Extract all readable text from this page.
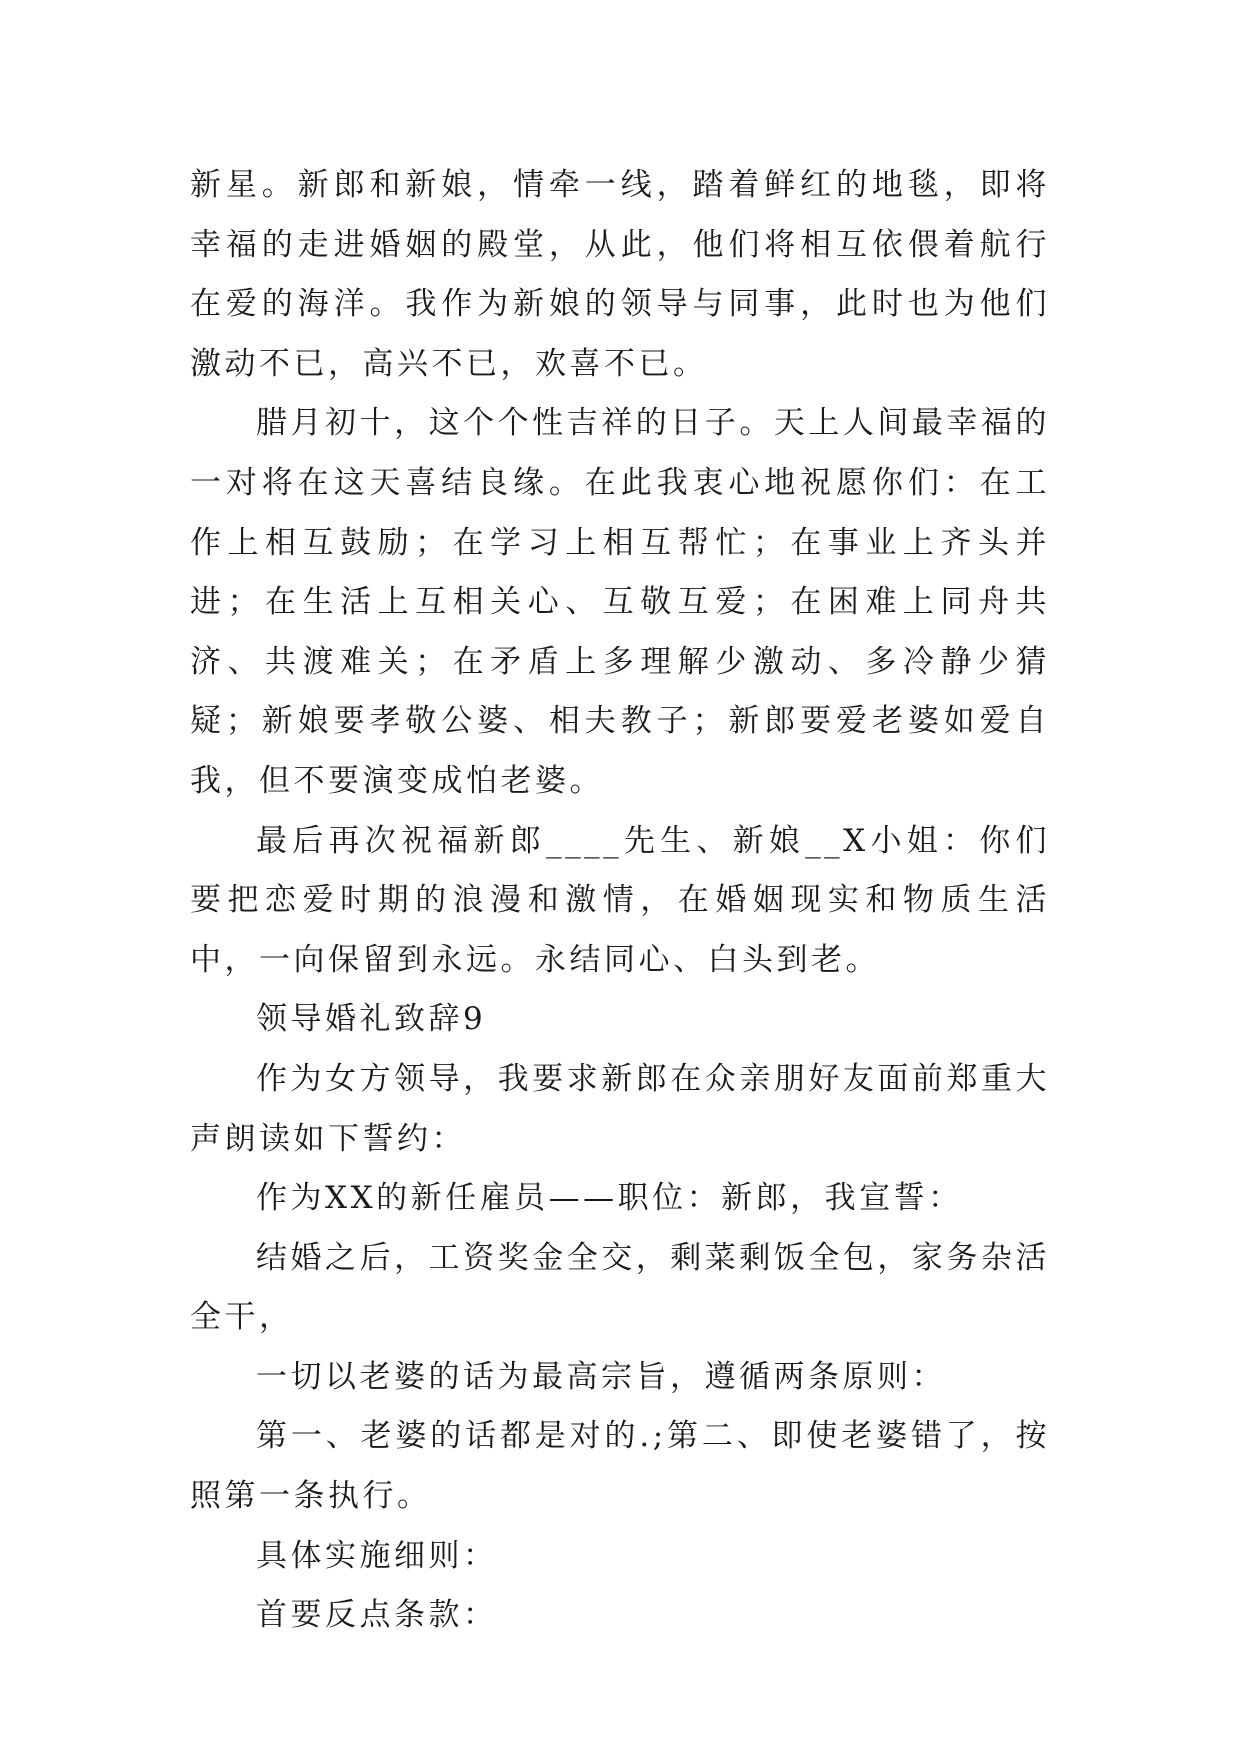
新星。新郎和新娘，情牵一线，踏着鲜红的地毯，即将幸福的走进婚姻的殿堂，从此，他们将相互依偎着航行在爱的海洋。我作为新娘的领导与同事，此时也为他们激动不已，高兴不已，欢喜不已。

腊月初十，这个个性吉祥的日子。天上人间最幸福的一对将在这天喜结良缘。在此我衷心地祝愿你们：在工作上相互鼓励；在学习上相互帮忙；在事业上齐头并进；在生活上互相关心、互敬互爱；在困难上同舟共济、共渡难关；在矛盾上多理解少激动、多冷静少猜疑；新娘要孝敬公婆、相夫教子；新郎要爱老婆如爱自我，但不要演变成怕老婆。

最后再次祝福新郎____先生、新娘__X小姐：你们要把恋爱时期的浪漫和激情，在婚姻现实和物质生活中，一向保留到永远。永结同心、白头到老。

领导婚礼致辞9

作为女方领导，我要求新郎在众亲朋好友面前郑重大声朗读如下誓约：

作为XX的新任雇员——职位：新郎，我宣誓：

结婚之后，工资奖金全交，剩菜剩饭全包，家务杂活全干，

一切以老婆的话为最高宗旨，遵循两条原则：

第一、老婆的话都是对的.;第二、即使老婆错了，按照第一条执行。

具体实施细则：

首要反点条款：
